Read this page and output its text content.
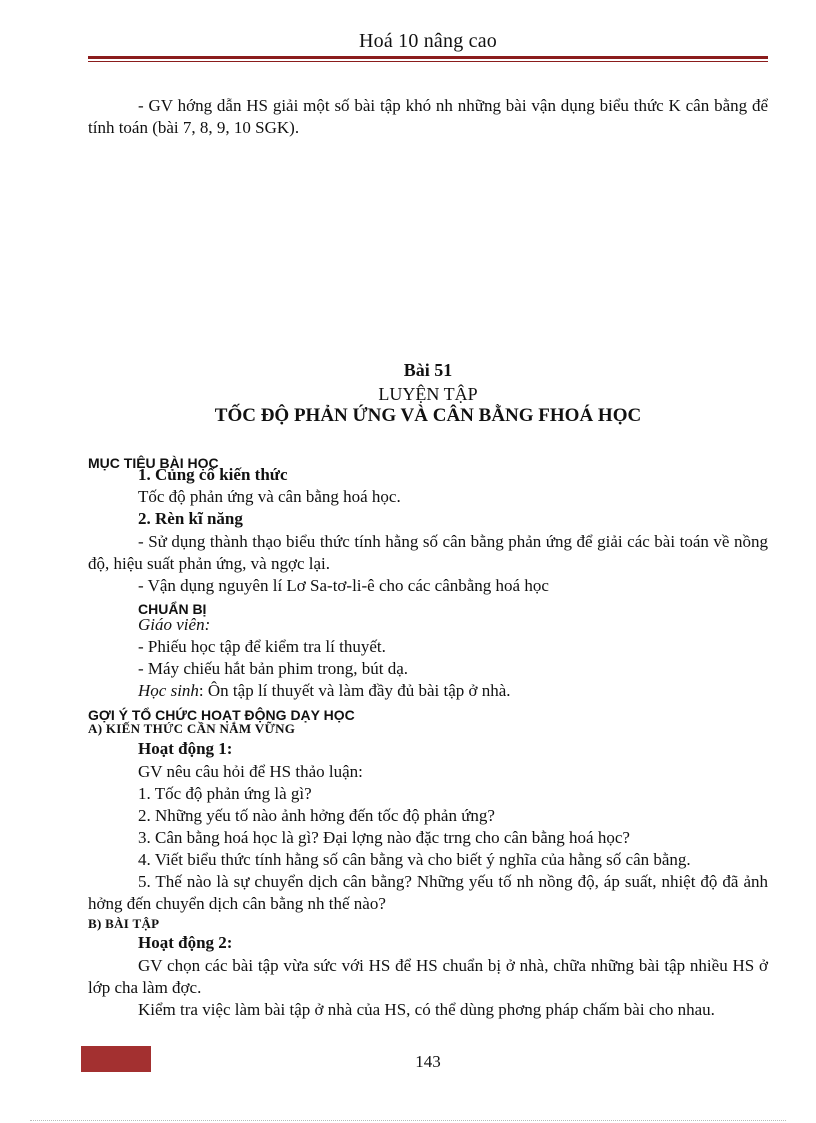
Hoá 10 nâng cao
- GV hớng dẫn HS giải một số bài tập khó nh những bài vận dụng biểu thức K cân bằng để tính toán (bài 7, 8, 9, 10 SGK).
Bài 51
LUYỆN TẬP
TỐC ĐỘ PHẢN ỨNG VÀ CÂN BẰNG FHOÁ HỌC
MỤC TIÊU BÀI HỌC
1. Củng cố kiến thức
Tốc độ phản ứng và cân bằng hoá học.
2. Rèn kĩ năng
- Sử dụng thành thạo biểu thức tính hằng số cân bằng phản ứng để giải các bài toán về nồng độ, hiệu suất phản ứng, và ngợc lại.
- Vận dụng nguyên lí Lơ Sa-tơ-li-ê cho các cânbằng hoá học
CHUẨN BỊ
Giáo viên:
- Phiếu học tập để kiểm tra lí thuyết.
- Máy chiếu hắt bản phim trong, bút dạ.
Học sinh: Ôn tập lí thuyết và làm đầy đủ bài tập ở nhà.
GỢI Ý TỔ CHỨC HOẠT ĐỘNG DẠY HỌC
A) KIẾN THỨC CẦN NẮM VỮNG
Hoạt động 1:
GV nêu câu hỏi để HS thảo luận:
1. Tốc độ phản ứng là gì?
2. Những yếu tố nào ảnh hởng đến tốc độ phản ứng?
3. Cân bằng hoá học là gì? Đại lợng nào đặc trng cho cân bằng hoá học?
4. Viết biểu thức tính hằng số cân bằng và cho biết ý nghĩa của hằng số cân bằng.
5. Thế nào là sự chuyển dịch cân bằng? Những yếu tố nh nồng độ, áp suất, nhiệt độ đã ảnh hởng đến chuyển dịch cân bằng nh thế nào?
B) BÀI TẬP
Hoạt động 2:
GV chọn các bài tập vừa sức với HS để HS chuẩn bị ở nhà, chữa những bài tập nhiều HS ở lớp cha làm đợc.
Kiểm tra việc làm bài tập ở nhà của HS, có thể dùng phơng pháp chấm bài cho nhau.
143
